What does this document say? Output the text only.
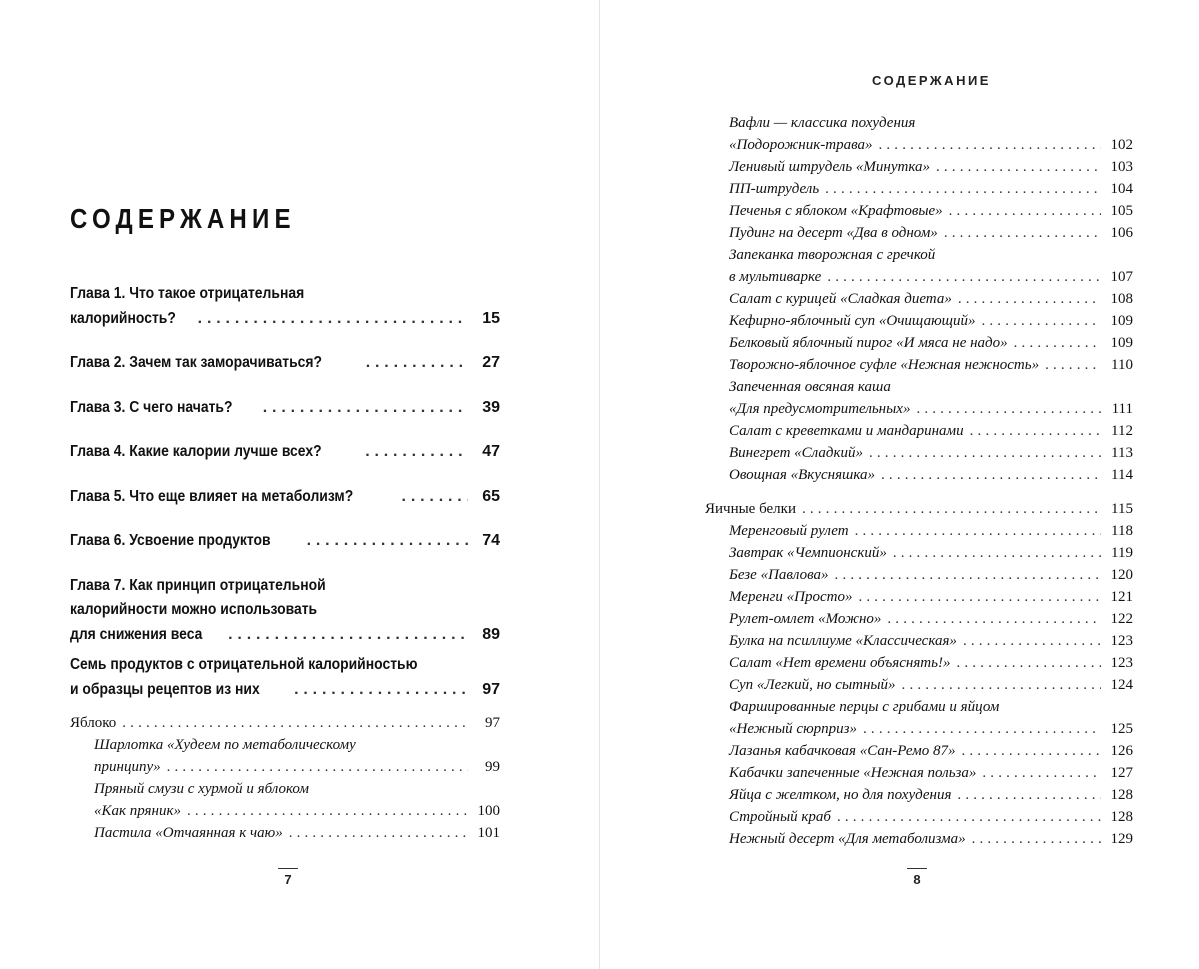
СОДЕРЖАНИЕ
Глава 1. Что такое отрицательная
калорийность? . . .	15
Глава 2. Зачем так заморачиваться? . . .	27
Глава 3. С чего начать? . . .	39
Глава 4. Какие калории лучше всех? . . .	47
Глава 5. Что еще влияет на метаболизм? . . .	65
Глава 6. Усвоение продуктов . . .	74
Глава 7. Как принцип отрицательной
калорийности можно использовать
для снижения веса . . .	89
Семь продуктов с отрицательной калорийностью
и образцы рецептов из них . . .	97
Яблоко . . .	97
Шарлотка «Худеем по метаболическому
принципу» . . .	99
Пряный смузи с хурмой и яблоком
«Как пряник» . . .	100
Пастила «Отчаянная к чаю» . . .	101
7
СОДЕРЖАНИЕ
Вафли — классика похудения
«Подорожник-трава» . . .	102
Ленивый штрудель «Минутка» . . .	103
ПП-штрудель . . .	104
Печенья с яблоком «Крафтовые» . . .	105
Пудинг на десерт «Два в одном» . . .	106
Запеканка творожная с гречкой
в мультиварке . . .	107
Салат с курицей «Сладкая диета» . . .	108
Кефирно-яблочный суп «Очищающий» . . .	109
Белковый яблочный пирог «И мяса не надо» . . .	109
Творожно-яблочное суфле «Нежная нежность» . . .	110
Запеченная овсяная каша
«Для предусмотрительных» . . .	111
Салат с креветками и мандаринами . . .	112
Винегрет «Сладкий» . . .	113
Овощная «Вкусняшка» . . .	114
Яичные белки . . .	115
Меренговый рулет . . .	118
Завтрак «Чемпионский» . . .	119
Безе «Павлова» . . .	120
Меренги «Просто» . . .	121
Рулет-омлет «Можно» . . .	122
Булка на псиллиуме «Классическая» . . .	123
Салат «Нет времени объяснять!» . . .	123
Суп «Легкий, но сытный» . . .	124
Фаршированные перцы с грибами и яйцом
«Нежный сюрприз» . . .	125
Лазанья кабачковая «Сан-Ремо 87» . . .	126
Кабачки запеченные «Нежная польза» . . .	127
Яйца с желтком, но для похудения . . .	128
Стройный краб . . .	128
Нежный десерт «Для метаболизма» . . .	129
8
